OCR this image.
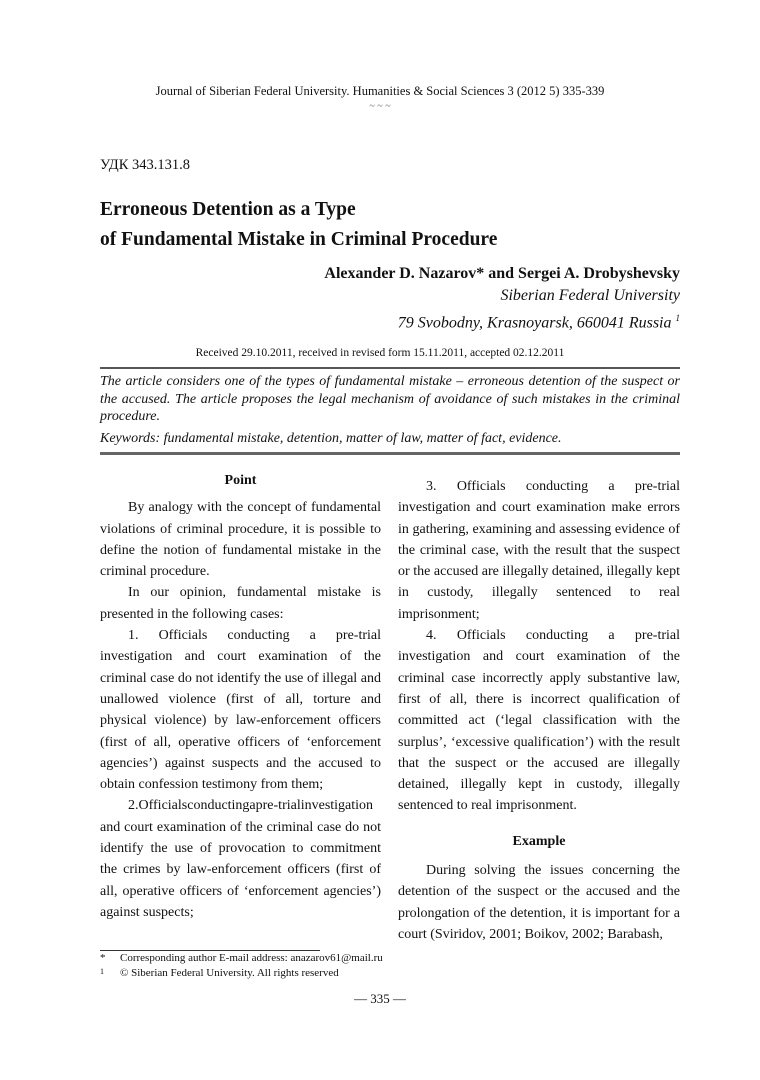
Journal of Siberian Federal University. Humanities & Social Sciences 3 (2012 5) 335-339
~ ~ ~
УДК 343.131.8
Erroneous Detention as a Type
of Fundamental Mistake in Criminal Procedure
Alexander D. Nazarov* and Sergei A. Drobyshevsky
Siberian Federal University
79 Svobodny, Krasnoyarsk, 660041 Russia $^1$
Received 29.10.2011, received in revised form 15.11.2011, accepted 02.12.2011
The article considers one of the types of fundamental mistake – erroneous detention of the suspect or the accused. The article proposes the legal mechanism of avoidance of such mistakes in the criminal procedure.
Keywords: fundamental mistake, detention, matter of law, matter of fact, evidence.
Point

By analogy with the concept of fundamental violations of criminal procedure, it is possible to define the notion of fundamental mistake in the criminal procedure.

In our opinion, fundamental mistake is presented in the following cases:

1. Officials conducting a pre-trial investigation and court examination of the criminal case do not identify the use of illegal and unallowed violence (first of all, torture and physical violence) by law-enforcement officers (first of all, operative officers of ‘enforcement agencies’) against suspects and the accused to obtain confession testimony from them;

2.Officialsconductingapre-trialinvestigation and court examination of the criminal case do not identify the use of provocation to commitment the crimes by law-enforcement officers (first of all, operative officers of ‘enforcement agencies’) against suspects;

3. Officials conducting a pre-trial investigation and court examination make errors in gathering, examining and assessing evidence of the criminal case, with the result that the suspect or the accused are illegally detained, illegally kept in custody, illegally sentenced to real imprisonment;

4. Officials conducting a pre-trial investigation and court examination of the criminal case incorrectly apply substantive law, first of all, there is incorrect qualification of committed act (‘legal classification with the surplus’, ‘excessive qualification’) with the result that the suspect or the accused are illegally detained, illegally kept in custody, illegally sentenced to real imprisonment.

Example

During solving the issues concerning the detention of the suspect or the accused and the prolongation of the detention, it is important for a court (Sviridov, 2001; Boikov, 2002; Barabash,

* Corresponding author E-mail address: anazarov61@mail.ru
1 © Siberian Federal University. All rights reserved
— 335 —
